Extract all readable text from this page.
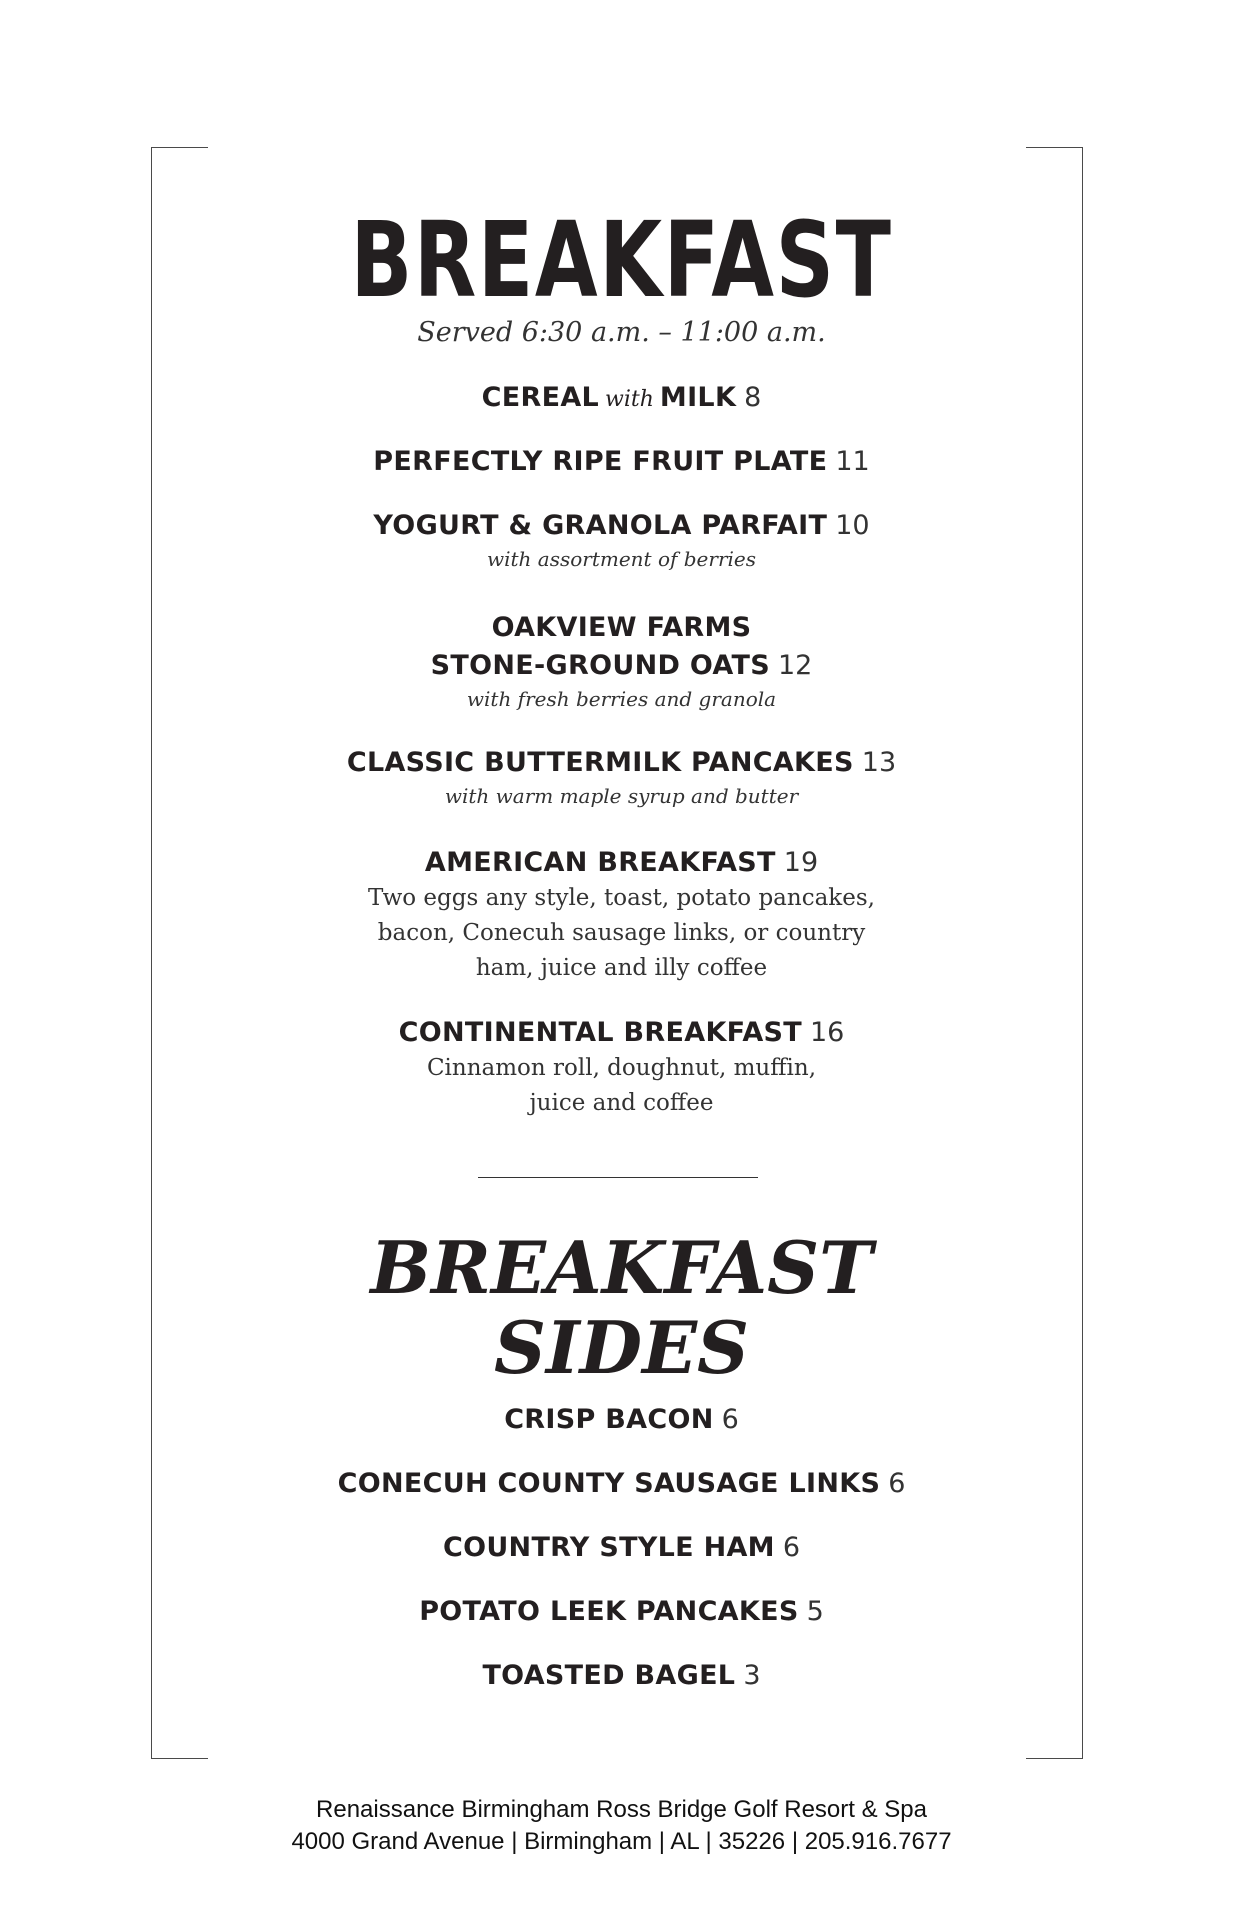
BREAKFAST
Served 6:30 a.m. – 11:00 a.m.
CEREAL with MILK 8
PERFECTLY RIPE FRUIT PLATE 11
YOGURT & GRANOLA PARFAIT 10
with assortment of berries
OAKVIEW FARMS
STONE-GROUND OATS 12
with fresh berries and granola
CLASSIC BUTTERMILK PANCAKES 13
with warm maple syrup and butter
AMERICAN BREAKFAST 19
Two eggs any style, toast, potato pancakes,
bacon, Conecuh sausage links, or country
ham, juice and illy coffee
CONTINENTAL BREAKFAST 16
Cinnamon roll, doughnut, muffin,
juice and coffee
BREAKFAST
SIDES
CRISP BACON 6
CONECUH COUNTY SAUSAGE LINKS 6
COUNTRY STYLE HAM 6
POTATO LEEK PANCAKES 5
TOASTED BAGEL 3
Renaissance Birmingham Ross Bridge Golf Resort & Spa
4000 Grand Avenue | Birmingham | AL | 35226 | 205.916.7677
